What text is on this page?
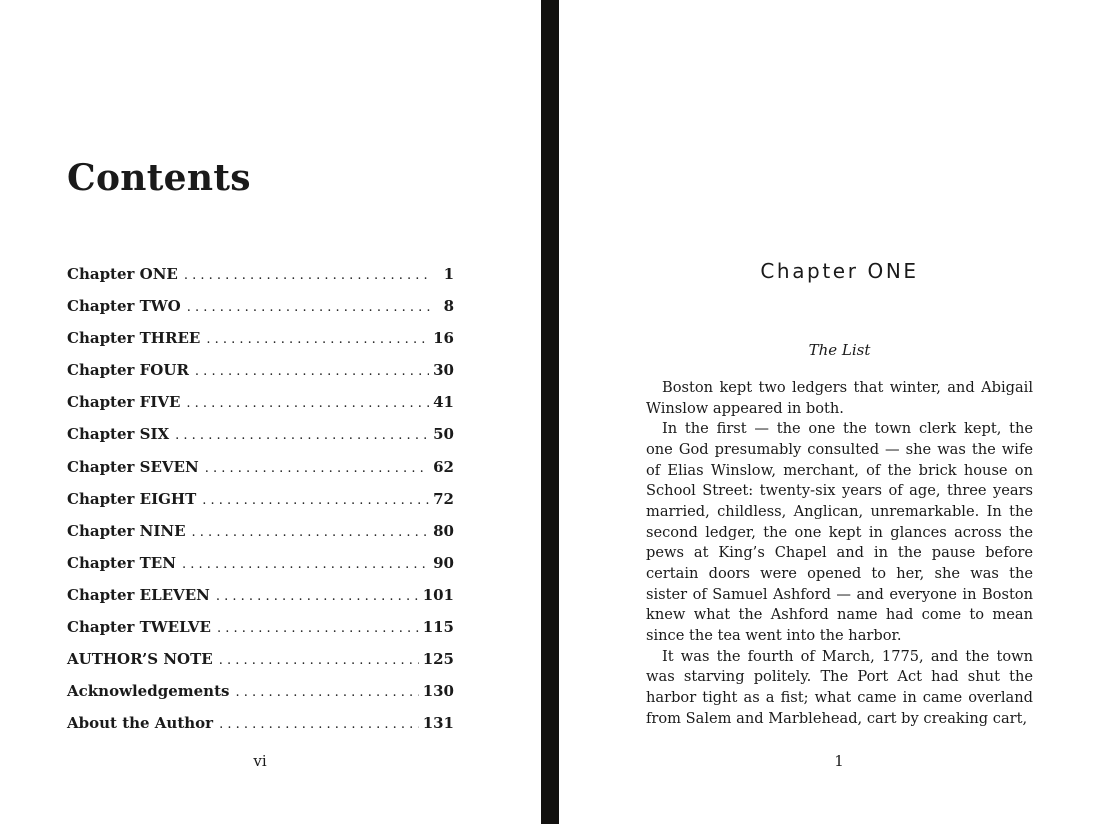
Contents
Chapter ONE . . .	1
Chapter TWO . . .	8
Chapter THREE . . .	16
Chapter FOUR . . .	30
Chapter FIVE . . .	41
Chapter SIX . . .	50
Chapter SEVEN . . .	62
Chapter EIGHT . . .	72
Chapter NINE . . .	80
Chapter TEN . . .	90
Chapter ELEVEN . . .	101
Chapter TWELVE . . .	115
AUTHOR’S NOTE . . .	125
Acknowledgements . . .	130
About the Author . . .	131

vi

Chapter ONE

The List

Boston kept two ledgers that winter, and Abigail Winslow appeared in both.

In the first — the one the town clerk kept, the one God presumably consulted — she was the wife of Elias Winslow, merchant, of the brick house on School Street: twenty-six years of age, three years married, childless, Anglican, unremarkable. In the second ledger, the one kept in glances across the pews at King’s Chapel and in the pause before certain doors were opened to her, she was the sister of Samuel Ashford — and everyone in Boston knew what the Ashford name had come to mean since the tea went into the harbor.

It was the fourth of March, 1775, and the town was starving politely. The Port Act had shut the harbor tight as a fist; what came in came overland from Salem and Marblehead, cart by creaking cart,

1
